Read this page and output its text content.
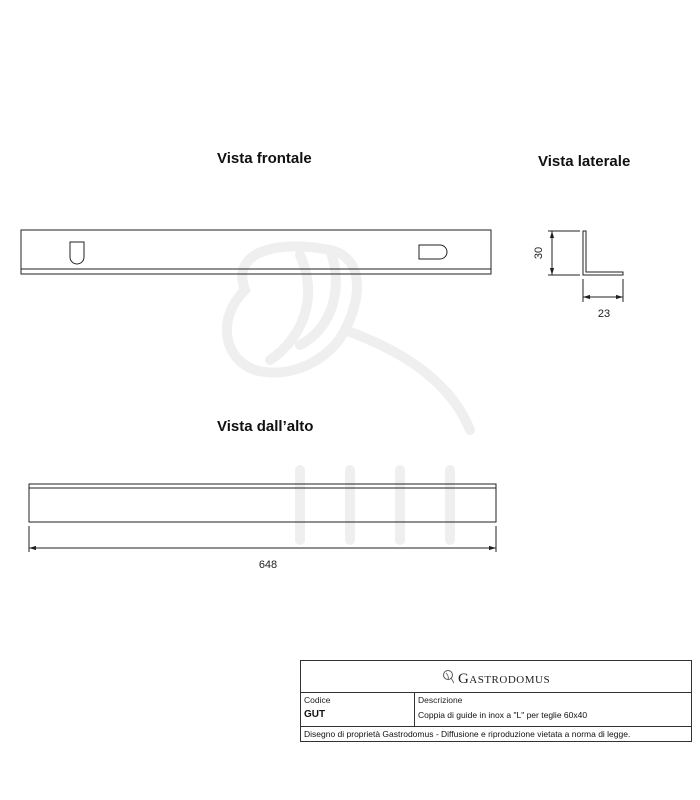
30
23
648
Vista frontale	Vista laterale
Vista dall’alto
Gastrodomus
Codice
GUT
Descrizione
Coppia di guide in inox a "L" per teglie 60x40
Disegno di proprietà Gastrodomus - Diffusione e riproduzione vietata a norma di legge.
